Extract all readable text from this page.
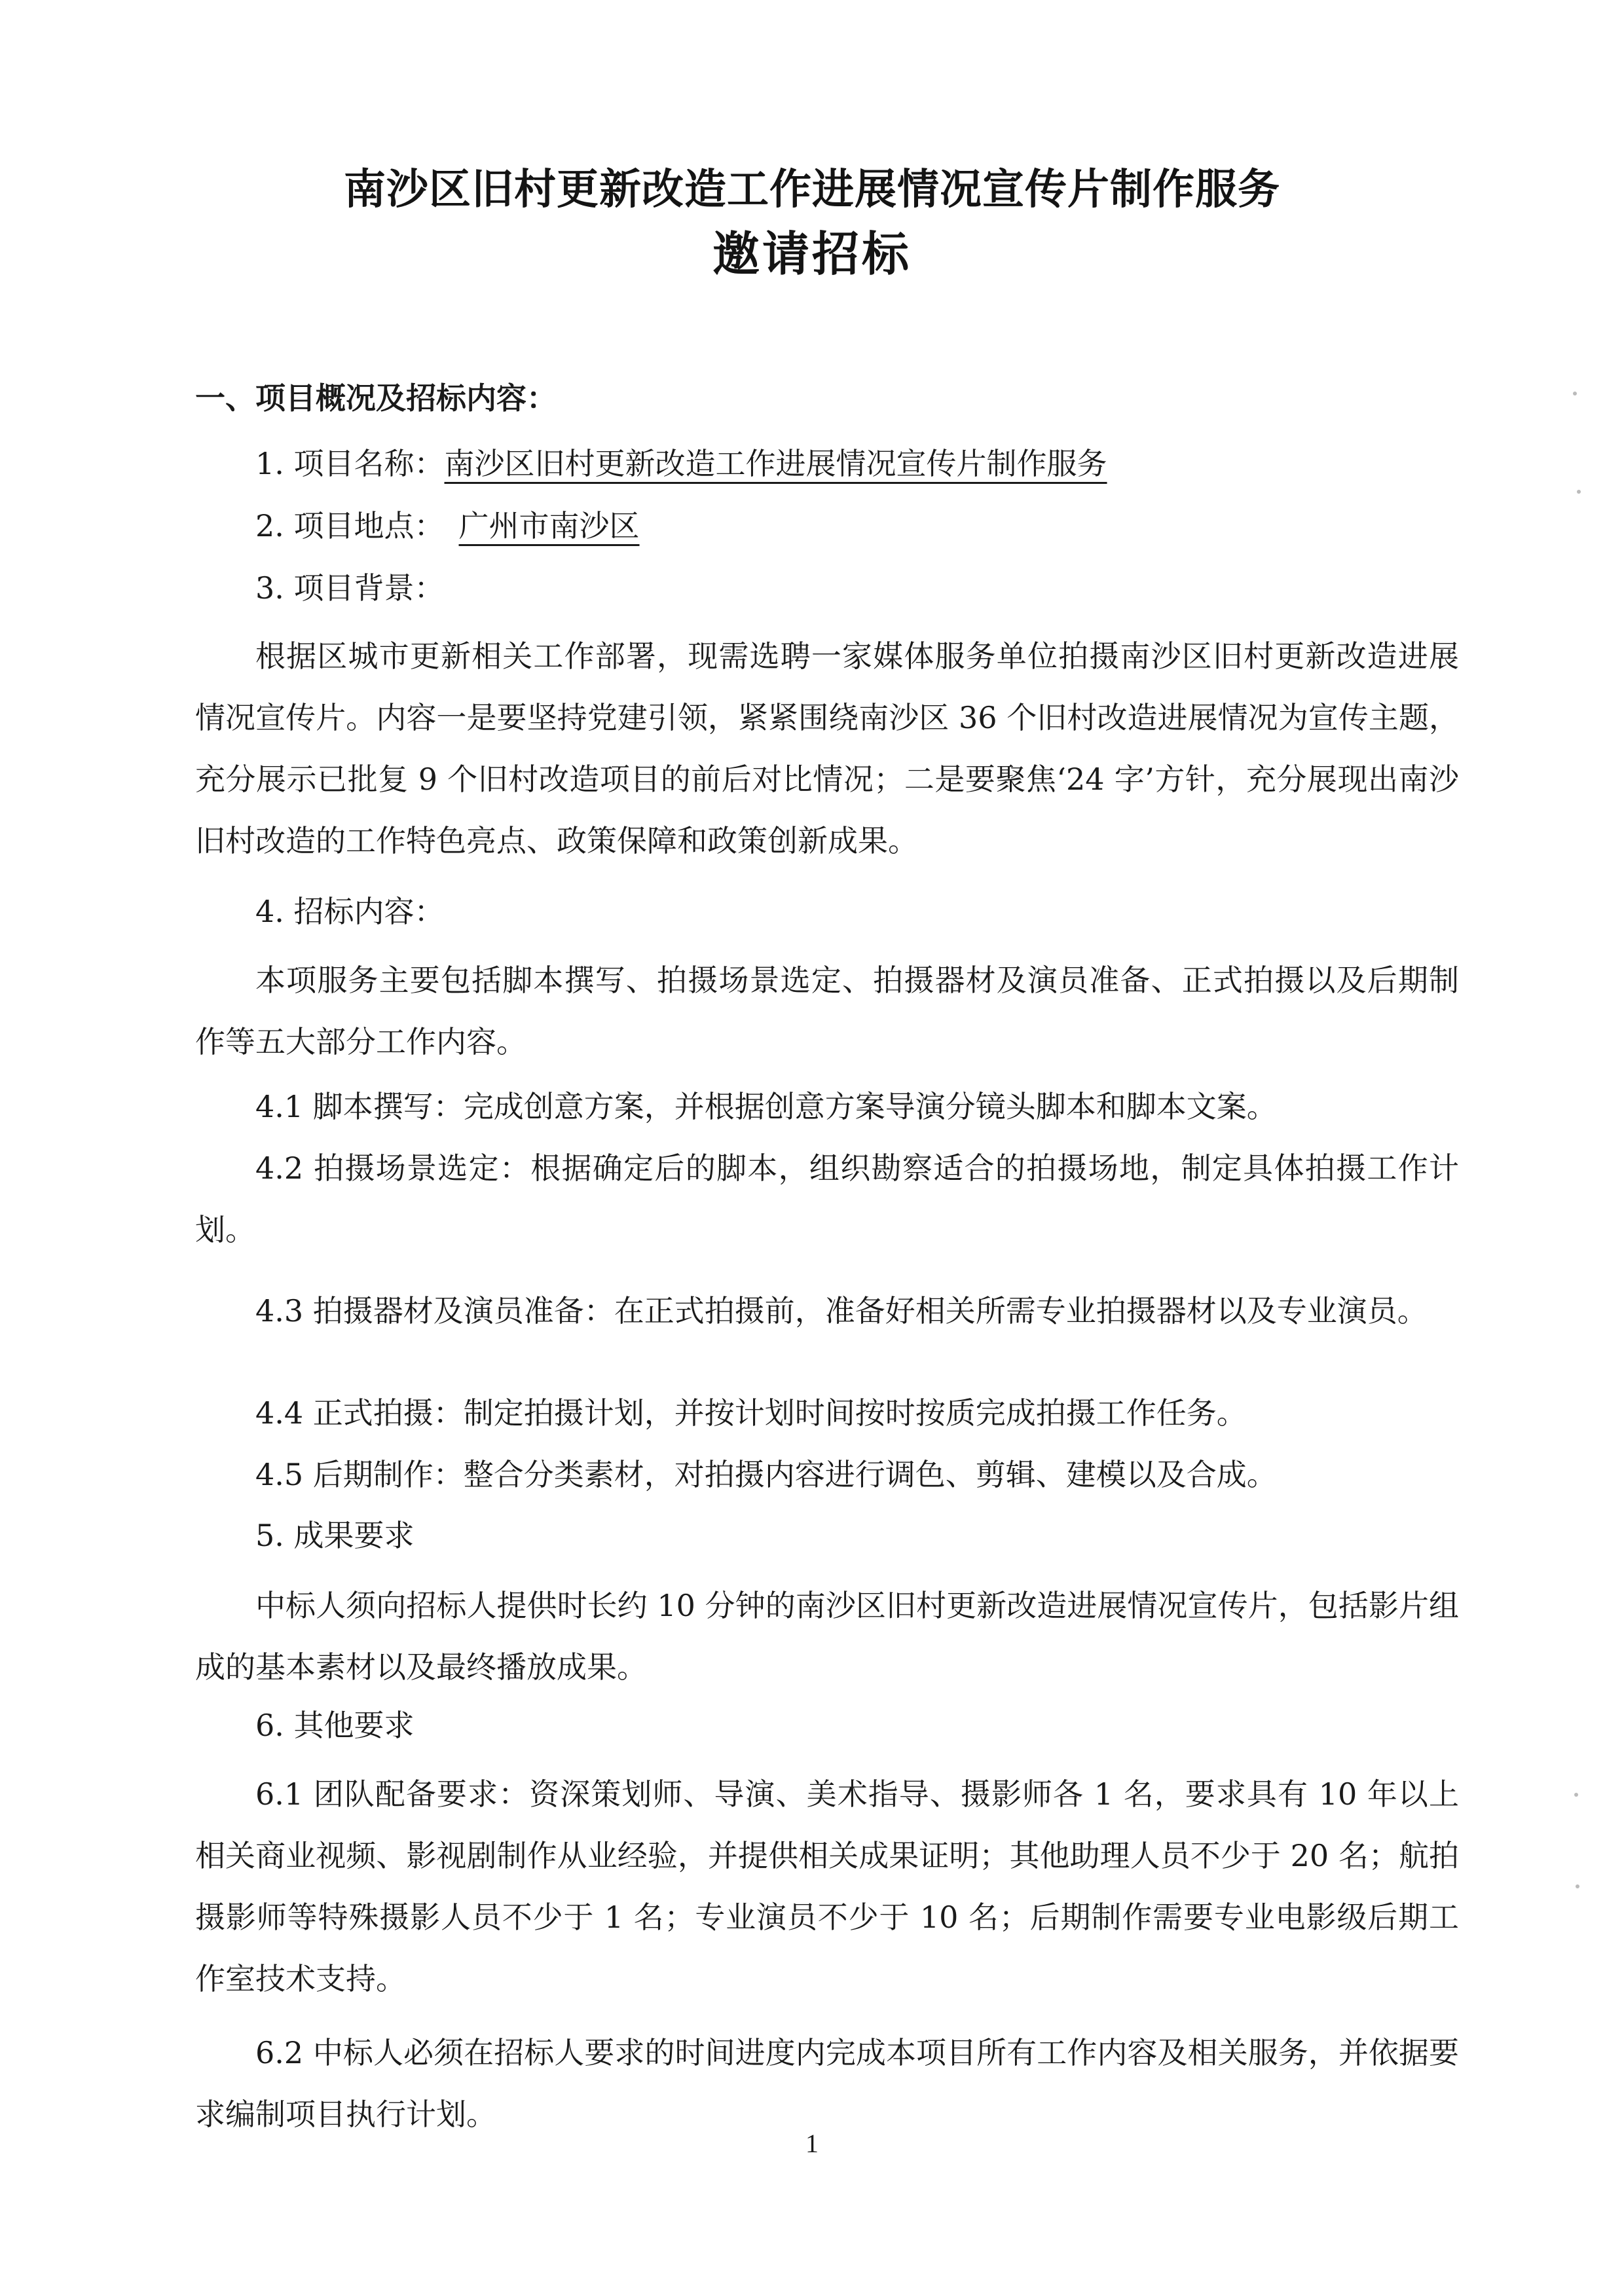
南沙区旧村更新改造工作进展情况宣传片制作服务
邀请招标
一、项目概况及招标内容：
1. 项目名称：南沙区旧村更新改造工作进展情况宣传片制作服务
2. 项目地点： 广州市南沙区
3. 项目背景：

根据区城市更新相关工作部署，现需选聘一家媒体服务单位拍摄南沙区旧村更新改造进展情况宣传片。内容一是要坚持党建引领，紧紧围绕南沙区 36 个旧村改造进展情况为宣传主题，充分展示已批复 9 个旧村改造项目的前后对比情况；二是要聚焦‘24 字’方针，充分展现出南沙旧村改造的工作特色亮点、政策保障和政策创新成果。

4. 招标内容：

本项服务主要包括脚本撰写、拍摄场景选定、拍摄器材及演员准备、正式拍摄以及后期制作等五大部分工作内容。

4.1 脚本撰写：完成创意方案，并根据创意方案导演分镜头脚本和脚本文案。

4.2 拍摄场景选定：根据确定后的脚本，组织勘察适合的拍摄场地，制定具体拍摄工作计划。

4.3 拍摄器材及演员准备：在正式拍摄前，准备好相关所需专业拍摄器材以及专业演员。

4.4 正式拍摄：制定拍摄计划，并按计划时间按时按质完成拍摄工作任务。
4.5 后期制作：整合分类素材，对拍摄内容进行调色、剪辑、建模以及合成。
5. 成果要求

中标人须向招标人提供时长约 10 分钟的南沙区旧村更新改造进展情况宣传片，包括影片组成的基本素材以及最终播放成果。

6. 其他要求

6.1 团队配备要求：资深策划师、导演、美术指导、摄影师各 1 名，要求具有 10 年以上相关商业视频、影视剧制作从业经验，并提供相关成果证明；其他助理人员不少于 20 名；航拍摄影师等特殊摄影人员不少于 1 名；专业演员不少于 10 名；后期制作需要专业电影级后期工作室技术支持。

6.2 中标人必须在招标人要求的时间进度内完成本项目所有工作内容及相关服务，并依据要求编制项目执行计划。

1
